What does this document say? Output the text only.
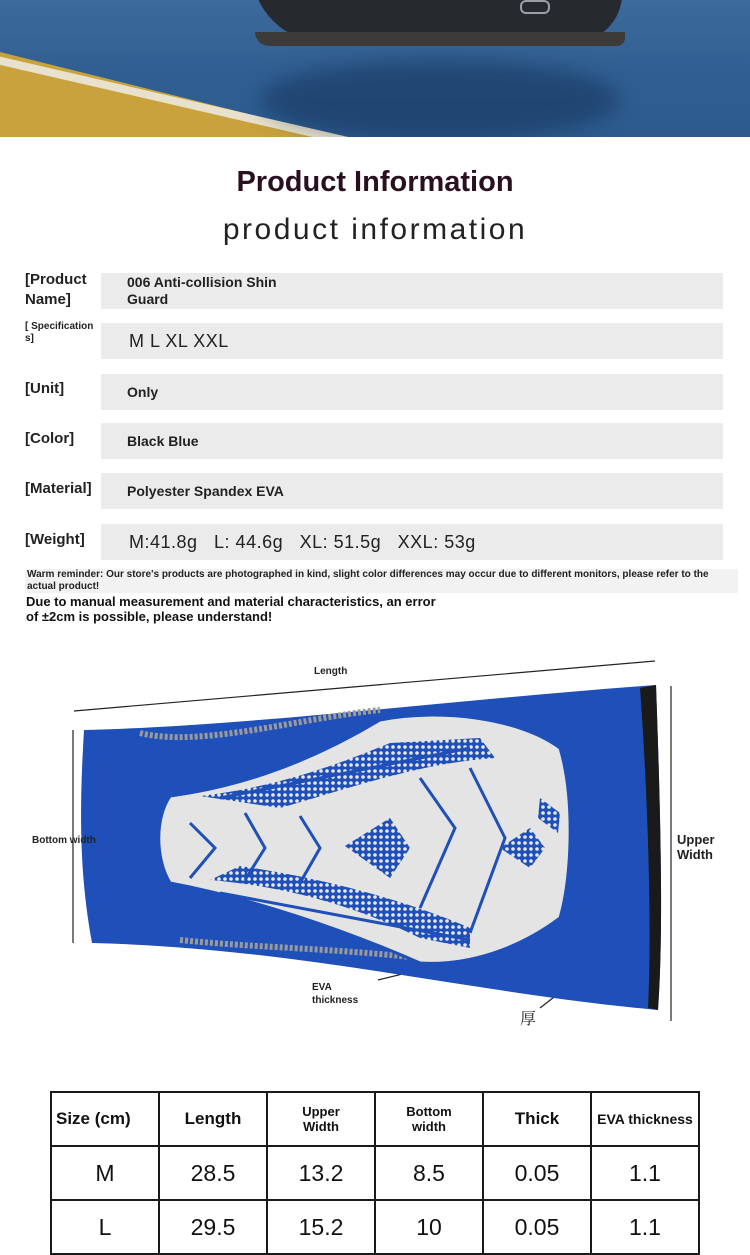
Product Information
product information
[Product Name]
006 Anti-collision Shin Guard
[ Specifications]	M L XL XXL
[Unit]	Only
[Color]	Black Blue
[Material]	Polyester Spandex EVA
[Weight]	M:41.8g   L: 44.6g   XL: 51.5g   XXL: 53g
Warm reminder: Our store's products are photographed in kind, slight color differences may occur due to different monitors, please refer to the actual product!
Due to manual measurement and material characteristics, an error of ±2cm is possible, please understand!
Length
Bottom width	Upper Width
EVA thickness
厚
Size (cm)	Length	Upper Width	Bottom width	Thick	EVA thickness
M	28.5	13.2	8.5	0.05	1.1
L	29.5	15.2	10	0.05	1.1
